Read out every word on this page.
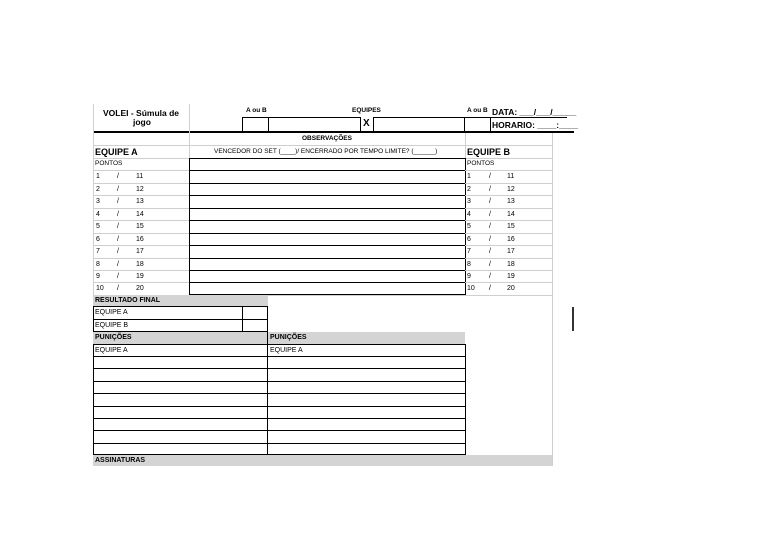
VOLEI - Súmula de
jogo
A ou B	EQUIPES	A ou B DATA: ___/___/_____
HORARIO: ____:____
X
OBSERVAÇÕES
VENCEDOR DO SET (____)/ ENCERRADO POR TEMPO LIMITE? (______)
EQUIPE A	EQUIPE B
PONTOS	PONTOS
1 / 11
2 / 12
3 / 13
4 / 14
5 / 15
6 / 16
7 / 17
8 / 18
9 / 19
10 / 20
1	/ 11
2	/ 12
3	/ 13
4	/ 14
5	/ 15
6	/ 16
7	/ 17
8	/ 18
9	/ 19
10 / 20
RESULTADO FINAL
EQUIPE A
EQUIPE B
PUNIÇÕES	PUNIÇÕES
EQUIPE A	EQUIPE A
ASSINATURAS
